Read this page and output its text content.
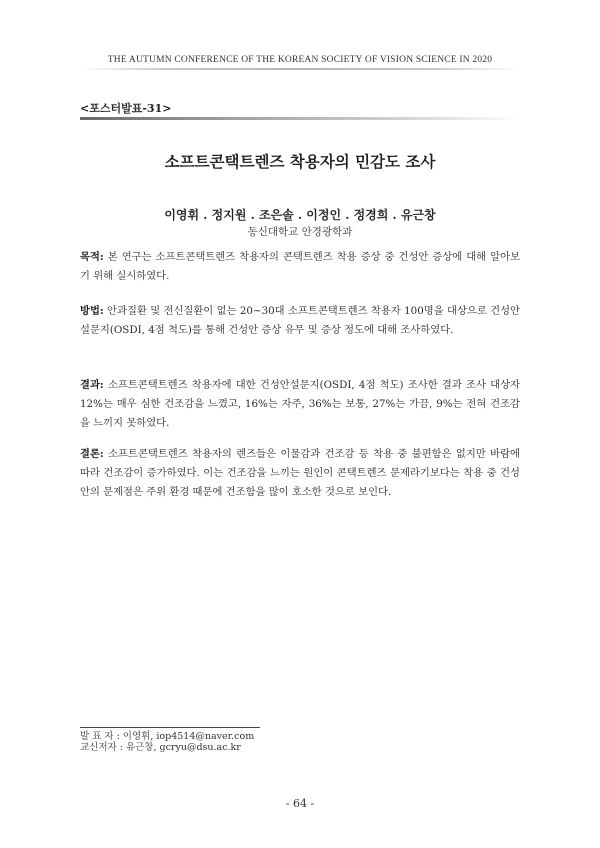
THE AUTUMN CONFERENCE OF THE KOREAN SOCIETY OF VISION SCIENCE IN 2020
<포스터발표-31>
소프트콘택트렌즈 착용자의 민감도 조사
이영휘 . 정지원 . 조은솔 . 이정인 . 정경희 . 유근창
동신대학교 안경광학과
목적: 본 연구는 소프트콘택트렌즈 착용자의 콘택트렌즈 착용 증상 중 건성안 증상에 대해 알아보기 위해 실시하였다.
방법: 안과질환 및 전신질환이 없는 20~30대 소프트콘택트렌즈 착용자 100명을 대상으로 건성안설문지(OSDI, 4점 척도)를 통해 건성안 증상 유무 및 증상 정도에 대해 조사하였다.
결과: 소프트콘택트렌즈 착용자에 대한 건성안설문지(OSDI, 4점 척도) 조사한 결과 조사 대상자 12%는 매우 심한 건조감을 느꼈고, 16%는 자주, 36%는 보통, 27%는 가끔, 9%는 전혀 건조감을 느끼지 못하였다.
결론: 소프트콘택트렌즈 착용자의 렌즈들은 이물감과 건조감 등 착용 중 불편함은 없지만 바람에 따라 건조감이 증가하였다. 이는 건조감을 느끼는 원인이 콘택트렌즈 문제라기보다는 착용 중 건성안의 문제점은 주위 환경 때문에 건조함을 많이 호소한 것으로 보인다.
발 표 자 : 이영휘, iop4514@naver.com
교신저자 : 유근창, gcryu@dsu.ac.kr
- 64 -
